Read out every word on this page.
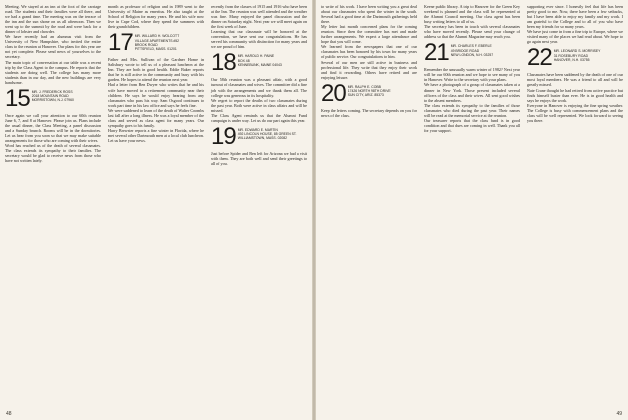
Meeting. We stayed at an inn at the foot of the carriage road. The students and their families were all there, and we had a grand time. The meeting was on the terrace of the inn and the sun shone on us all afternoon. Then we went up to the summit by the road and were back for a dinner of lobster and chowder.
We have recently had an alumnus visit from the University of New Hampshire, who invited the entire class to the reunion at Hanover. Our plans for this year are not yet complete. Please send news of yourselves to the secretary.
The main topic of conversation at our table was a recent trip by the Class Agent to the campus. He reports that the students are doing well. The college has many more students than in our day, and the new buildings are very handsome.
15 MR. J. FREDERICK ROSS
2018 MOUNTAIN ROAD
MORRISTOWN, N.J. 07960
Once again we call your attention to our 60th reunion June 6, 7, and 8 at Hanover. Please join us. Plans include the usual dinner, the Class Meeting, a panel discussion and a Sunday brunch. Rooms will be in the dormitories. Let us hear from you soon so that we may make suitable arrangements for those who are coming with their wives.
Word has reached us of the death of several classmates. The class extends its sympathy to their families. The secretary would be glad to receive news from those who have not written lately.
month as professor of religion and in 1989 went to the University of Maine as emeritus. He also taught at the School of Religion for many years. He and his wife now live in Cape Cod, where they spend the summers with their grandchildren.
17 MR. WILLARD H. WOLCOTT
VILLAGE APARTMENTS #52
BROOK ROAD
PITTSFIELD, MASS. 01201
Father and Mrs. Sullivan of the Gardner Home in Salisbury wrote to tell us of a pleasant luncheon at the Inn. They are both in good health. Eddie Baker reports that he is still active in the community and busy with his garden. He hopes to attend the reunion next year.
Had a letter from Ben Dwyer who writes that he and his wife have moved to a retirement community near their children. He says he would enjoy hearing from any classmates who pass his way. Sam Osgood continues to work part time in his law office and says he feels fine.
We were saddened to learn of the death of Walter Coombs last fall after a long illness. He was a loyal member of the class and served as class agent for many years. Our sympathy goes to his family.
Harry Brewster reports a fine winter in Florida, where he met several other Dartmouth men at a local club luncheon. Let us have your news.
recently from the classes of 1915 and 1916 who have been at the Inn. The reunion was well attended and the weather was fine. Many enjoyed the panel discussion and the dinner on Saturday night. Next year we will meet again on the first week of June.
Learning that our classmate will be honored at the convention, we have sent our congratulations. He has served his community with distinction for many years and we are proud of him.
18 MR. HAROLD H. PAINE
BOX 48
KENNEBUNK, MAINE 04043
Our 58th reunion was a pleasant affair, with a good turnout of classmates and wives. The committee did a fine job with the arrangements and we thank them all. The college was generous in its hospitality.
We regret to report the deaths of two classmates during the past year. Both were active in class affairs and will be missed.
The Class Agent reminds us that the Alumni Fund campaign is under way. Let us do our part again this year.
19 MR. EDWARD E. MARTIN
492 LINCOLN HOUSE, 85 GREEN ST.
WILLIAMSTOWN, MASS. 02082
Just before Spider and Ben left for Arizona we had a visit with them. They are both well and send their greetings to all of you.
48
to write of his work. I have been writing you a great deal about our classmates who spent the winter in the south. Several had a good time at the Dartmouth gatherings held there.
My letter last month concerned plans for the coming reunion. Since then the committee has met and made further arrangements. We expect a large attendance and hope that you will come.
We learned from the newspapers that one of our classmates has been honored by his town for many years of public service. Our congratulations to him.
Several of our men are still active in business and professional life. They write that they enjoy their work and find it rewarding. Others have retired and are enjoying leisure.
20 MR. RALPH E. COBB
17426 NORTH 98TH DRIVE
SUN CITY, ARIZ. 85373
Keep the letters coming. The secretary depends on you for news of the class.
Keene public library. A trip to Hanover for the Green Key weekend is planned and the class will be represented at the Alumni Council meeting. Our class agent has been busy writing letters to all of us.
The secretary has been in touch with several classmates who have moved recently. Please send your change of address so that the Alumni Magazine may reach you.
21 MR. CHARLES F. EBERLE
49 BRIDGE ROAD
NEW LONDON, N.H. 03257
Remember the unusually warm winter of 1982? Next year will be our 60th reunion and we hope to see many of you in Hanover. Write to the secretary with your plans.
We have a photograph of a group of classmates taken at a dinner in New York. Those present included several officers of the class and their wives. All sent good wishes to the absent members.
The class extends its sympathy to the families of those classmates who died during the past year. Their names will be read at the memorial service at the reunion.
Our treasurer reports that the class fund is in good condition and that dues are coming in well. Thank you all for your support.
supporting ever since. I honestly feel that life has been pretty good to me. Now, there have been a few setbacks, but I have been able to enjoy my family and my work. I am grateful to the College and to all of you who have been my friends for so many years.
We have just come in from a fine trip to Europe, where we visited many of the places we had read about. We hope to go again next year.
22 MR. LEONARD S. MORRISEY
31 ROSEBURY ROAD
HANOVER, N.H. 03755
Classmates have been saddened by the death of one of our most loyal members. He was a friend to all and will be greatly missed.
Nate Crane thought he had retired from active practice but finds himself busier than ever. He is in good health and says he enjoys the work.
Everyone in Hanover is enjoying the fine spring weather. The College is busy with commencement plans and the class will be well represented. We look forward to seeing you there.
49
